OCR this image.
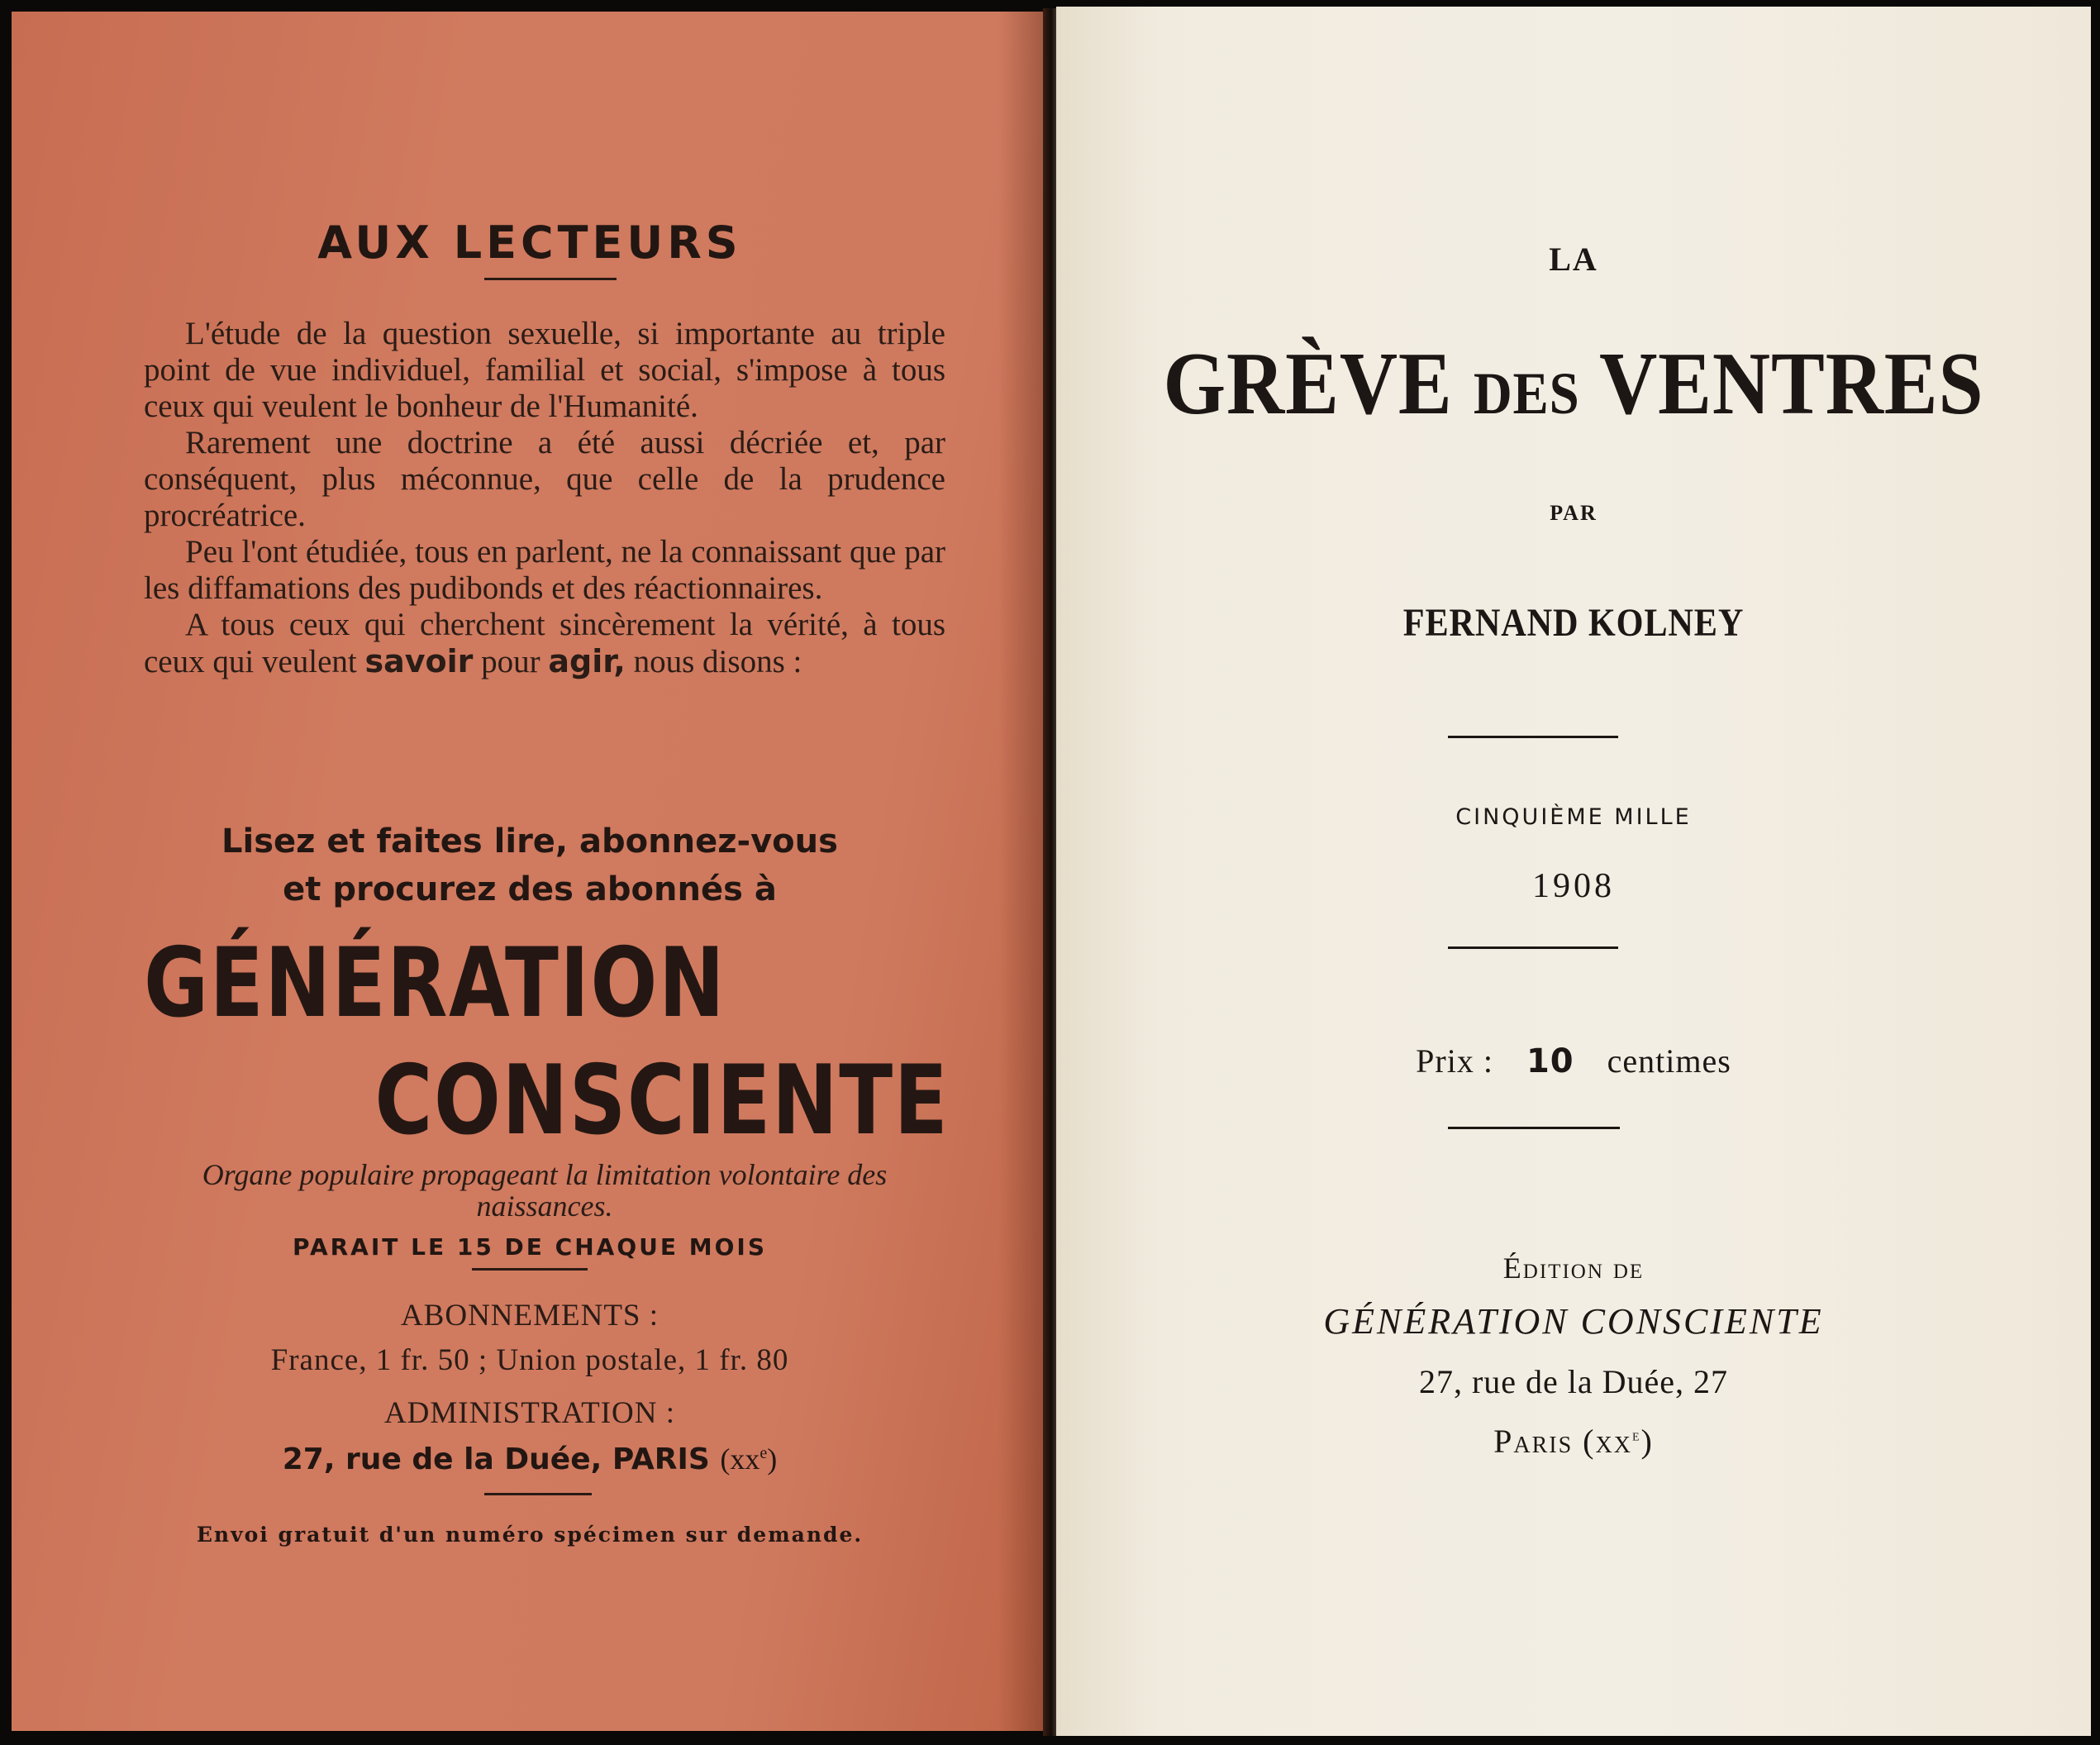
AUX LECTEURS

L'étude de la question sexuelle, si importante au triple point de vue individuel, familial et social, s'impose à tous ceux qui veulent le bonheur de l'Humanité.

Rarement une doctrine a été aussi décriée et, par conséquent, plus méconnue, que celle de la prudence procréatrice.

Peu l'ont étudiée, tous en parlent, ne la connaissant que par les diffamations des pudibonds et des réactionnaires.

A tous ceux qui cherchent sincèrement la vérité, à tous ceux qui veulent savoir pour agir, nous disons :

Lisez et faites lire, abonnez-vous
et procurez des abonnés à
GÉNÉRATION
CONSCIENTE
Organe populaire propageant la limitation volontaire des naissances.
PARAIT LE 15 DE CHAQUE MOIS
ABONNEMENTS :
France, 1 fr. 50 ; Union postale, 1 fr. 80
ADMINISTRATION :
27, rue de la Duée, PARIS $(xx^e)$
Envoi gratuit d'un numéro spécimen sur demande.
LA
GRÈVE DES VENTRES
PAR
FERNAND KOLNEY
CINQUIÈME MILLE
1908
Prix : 10 centimes
Édition de
GÉNÉRATION CONSCIENTE
27, rue de la Duée, 27
Paris $(xx^e)$
